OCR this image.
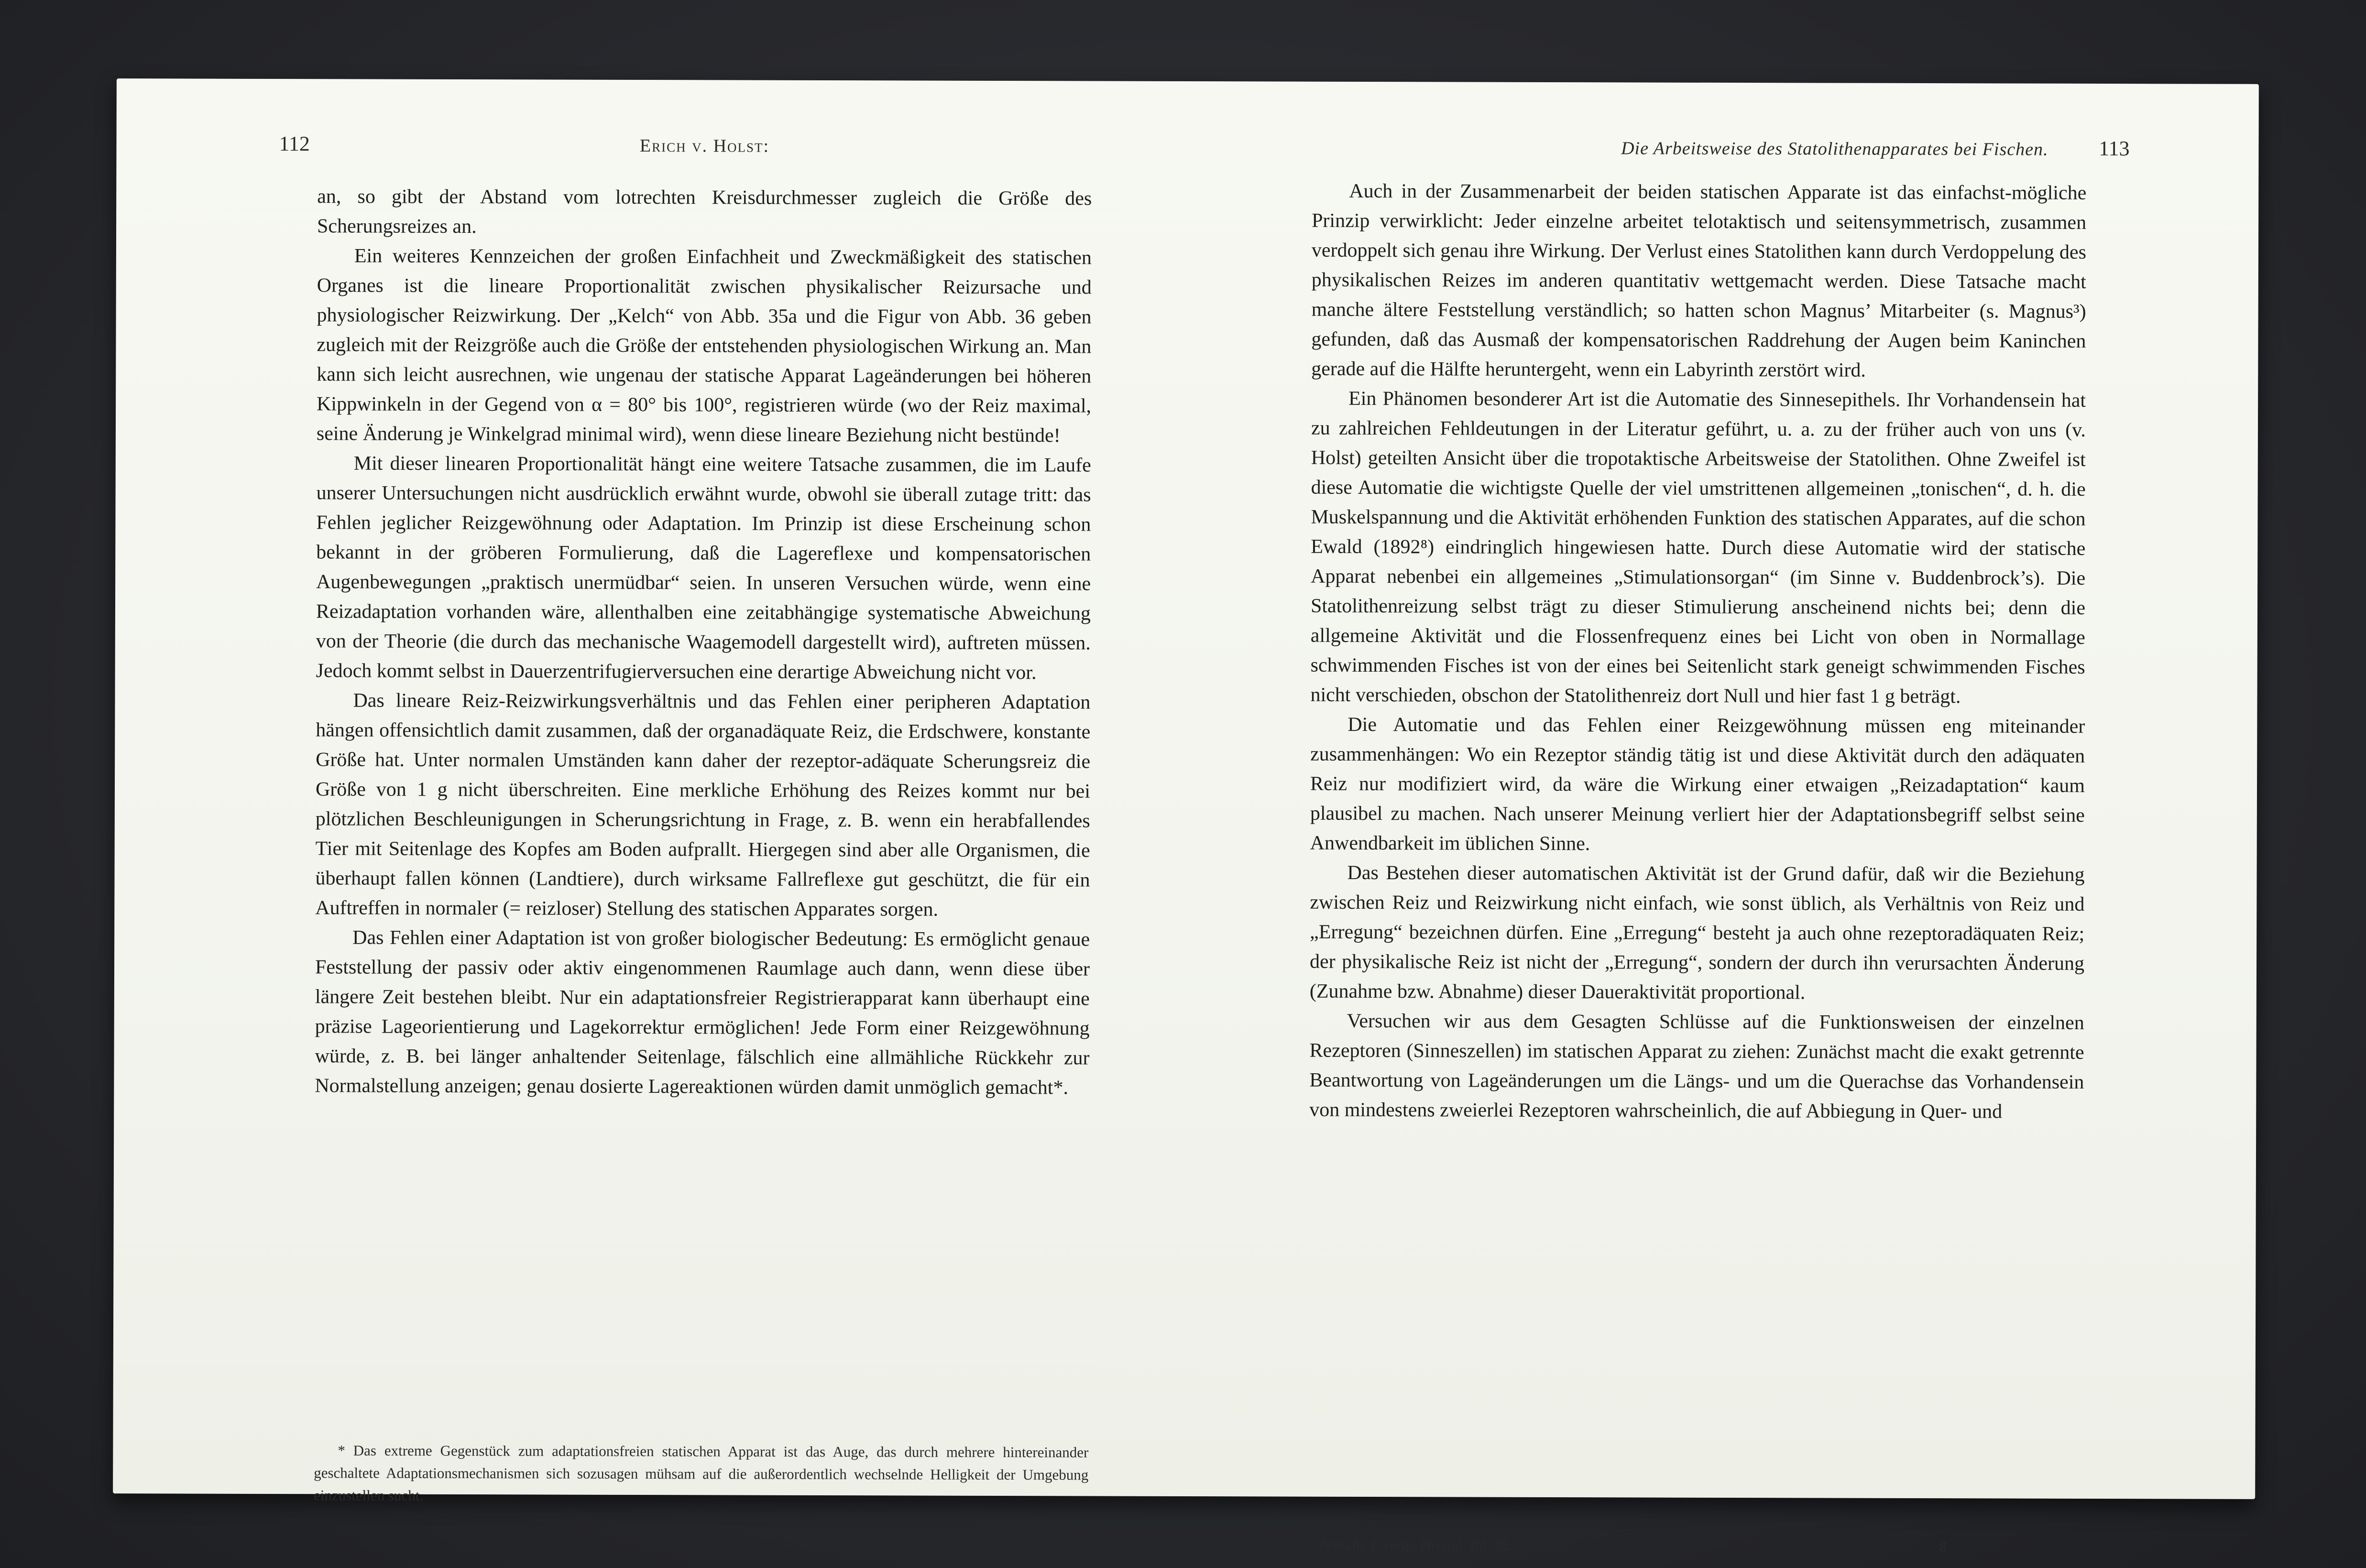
112	Erich v. Holst:

an, so gibt der Abstand vom lotrechten Kreisdurchmesser zugleich die Größe des Scherungsreizes an.

Ein weiteres Kennzeichen der großen Einfachheit und Zweckmäßigkeit des statischen Organes ist die lineare Proportionalität zwischen physikalischer Reizursache und physiologischer Reizwirkung. Der „Kelch“ von Abb. 35a und die Figur von Abb. 36 geben zugleich mit der Reizgröße auch die Größe der entstehenden physiologischen Wirkung an. Man kann sich leicht ausrechnen, wie ungenau der statische Apparat Lageänderungen bei höheren Kippwinkeln in der Gegend von α = 80° bis 100°, registrieren würde (wo der Reiz maximal, seine Änderung je Winkelgrad minimal wird), wenn diese lineare Beziehung nicht bestünde!

Mit dieser linearen Proportionalität hängt eine weitere Tatsache zusammen, die im Laufe unserer Untersuchungen nicht ausdrücklich erwähnt wurde, obwohl sie überall zutage tritt: das Fehlen jeglicher Reizgewöhnung oder Adaptation. Im Prinzip ist diese Erscheinung schon bekannt in der gröberen Formulierung, daß die Lagereflexe und kompensatorischen Augenbewegungen „praktisch unermüdbar“ seien. In unseren Versuchen würde, wenn eine Reizadaptation vorhanden wäre, allenthalben eine zeitabhängige systematische Abweichung von der Theorie (die durch das mechanische Waagemodell dargestellt wird), auftreten müssen. Jedoch kommt selbst in Dauerzentrifugierversuchen eine derartige Abweichung nicht vor.

Das lineare Reiz-Reizwirkungsverhältnis und das Fehlen einer peripheren Adaptation hängen offensichtlich damit zusammen, daß der organadäquate Reiz, die Erdschwere, konstante Größe hat. Unter normalen Umständen kann daher der rezeptor-adäquate Scherungsreiz die Größe von 1 g nicht überschreiten. Eine merkliche Erhöhung des Reizes kommt nur bei plötzlichen Beschleunigungen in Scherungsrichtung in Frage, z. B. wenn ein herabfallendes Tier mit Seitenlage des Kopfes am Boden aufprallt. Hiergegen sind aber alle Organismen, die überhaupt fallen können (Landtiere), durch wirksame Fallreflexe gut geschützt, die für ein Auftreffen in normaler (= reizloser) Stellung des statischen Apparates sorgen.

Das Fehlen einer Adaptation ist von großer biologischer Bedeutung: Es ermöglicht genaue Feststellung der passiv oder aktiv eingenommenen Raumlage auch dann, wenn diese über längere Zeit bestehen bleibt. Nur ein adaptationsfreier Registrierapparat kann überhaupt eine präzise Lageorientierung und Lagekorrektur ermöglichen! Jede Form einer Reizgewöhnung würde, z. B. bei länger anhaltender Seitenlage, fälschlich eine allmähliche Rückkehr zur Normalstellung anzeigen; genau dosierte Lagereaktionen würden damit unmöglich gemacht*.

* Das extreme Gegenstück zum adaptationsfreien statischen Apparat ist das Auge, das durch mehrere hintereinander geschaltete Adaptationsmechanismen sich sozusagen mühsam auf die außerordentlich wechselnde Helligkeit der Umgebung einzustellen sucht.

Die Arbeitsweise des Statolithenapparates bei Fischen. 113

Auch in der Zusammenarbeit der beiden statischen Apparate ist das einfachst-mögliche Prinzip verwirklicht: Jeder einzelne arbeitet telotaktisch und seitensymmetrisch, zusammen verdoppelt sich genau ihre Wirkung. Der Verlust eines Statolithen kann durch Verdoppelung des physikalischen Reizes im anderen quantitativ wettgemacht werden. Diese Tatsache macht manche ältere Feststellung verständlich; so hatten schon Magnus’ Mitarbeiter (s. Magnus³) gefunden, daß das Ausmaß der kompensatorischen Raddrehung der Augen beim Kaninchen gerade auf die Hälfte heruntergeht, wenn ein Labyrinth zerstört wird.

Ein Phänomen besonderer Art ist die Automatie des Sinnesepithels. Ihr Vorhandensein hat zu zahlreichen Fehldeutungen in der Literatur geführt, u. a. zu der früher auch von uns (v. Holst) geteilten Ansicht über die tropotaktische Arbeitsweise der Statolithen. Ohne Zweifel ist diese Automatie die wichtigste Quelle der viel umstrittenen allgemeinen „tonischen“, d. h. die Muskelspannung und die Aktivität erhöhenden Funktion des statischen Apparates, auf die schon Ewald (1892⁸) eindringlich hingewiesen hatte. Durch diese Automatie wird der statische Apparat nebenbei ein allgemeines „Stimulationsorgan“ (im Sinne v. Buddenbrock’s). Die Statolithenreizung selbst trägt zu dieser Stimulierung anscheinend nichts bei; denn die allgemeine Aktivität und die Flossenfrequenz eines bei Licht von oben in Normallage schwimmenden Fisches ist von der eines bei Seitenlicht stark geneigt schwimmenden Fisches nicht verschieden, obschon der Statolithenreiz dort Null und hier fast 1 g beträgt.

Die Automatie und das Fehlen einer Reizgewöhnung müssen eng miteinander zusammenhängen: Wo ein Rezeptor ständig tätig ist und diese Aktivität durch den adäquaten Reiz nur modifiziert wird, da wäre die Wirkung einer etwaigen „Reizadaptation“ kaum plausibel zu machen. Nach unserer Meinung verliert hier der Adaptationsbegriff selbst seine Anwendbarkeit im üblichen Sinne.

Das Bestehen dieser automatischen Aktivität ist der Grund dafür, daß wir die Beziehung zwischen Reiz und Reizwirkung nicht einfach, wie sonst üblich, als Verhältnis von Reiz und „Erregung“ bezeichnen dürfen. Eine „Erregung“ besteht ja auch ohne rezeptoradäquaten Reiz; der physikalische Reiz ist nicht der „Erregung“, sondern der durch ihn verursachten Änderung (Zunahme bzw. Abnahme) dieser Daueraktivität proportional.

Versuchen wir aus dem Gesagten Schlüsse auf die Funktionsweisen der einzelnen Rezeptoren (Sinneszellen) im statischen Apparat zu ziehen: Zunächst macht die exakt getrennte Beantwortung von Lageänderungen um die Längs- und um die Querachse das Vorhandensein von mindestens zweierlei Rezeptoren wahrscheinlich, die auf Abbiegung in Quer- und

Zeitschr. f. vergl. Physiol. Bd. 32.	8
